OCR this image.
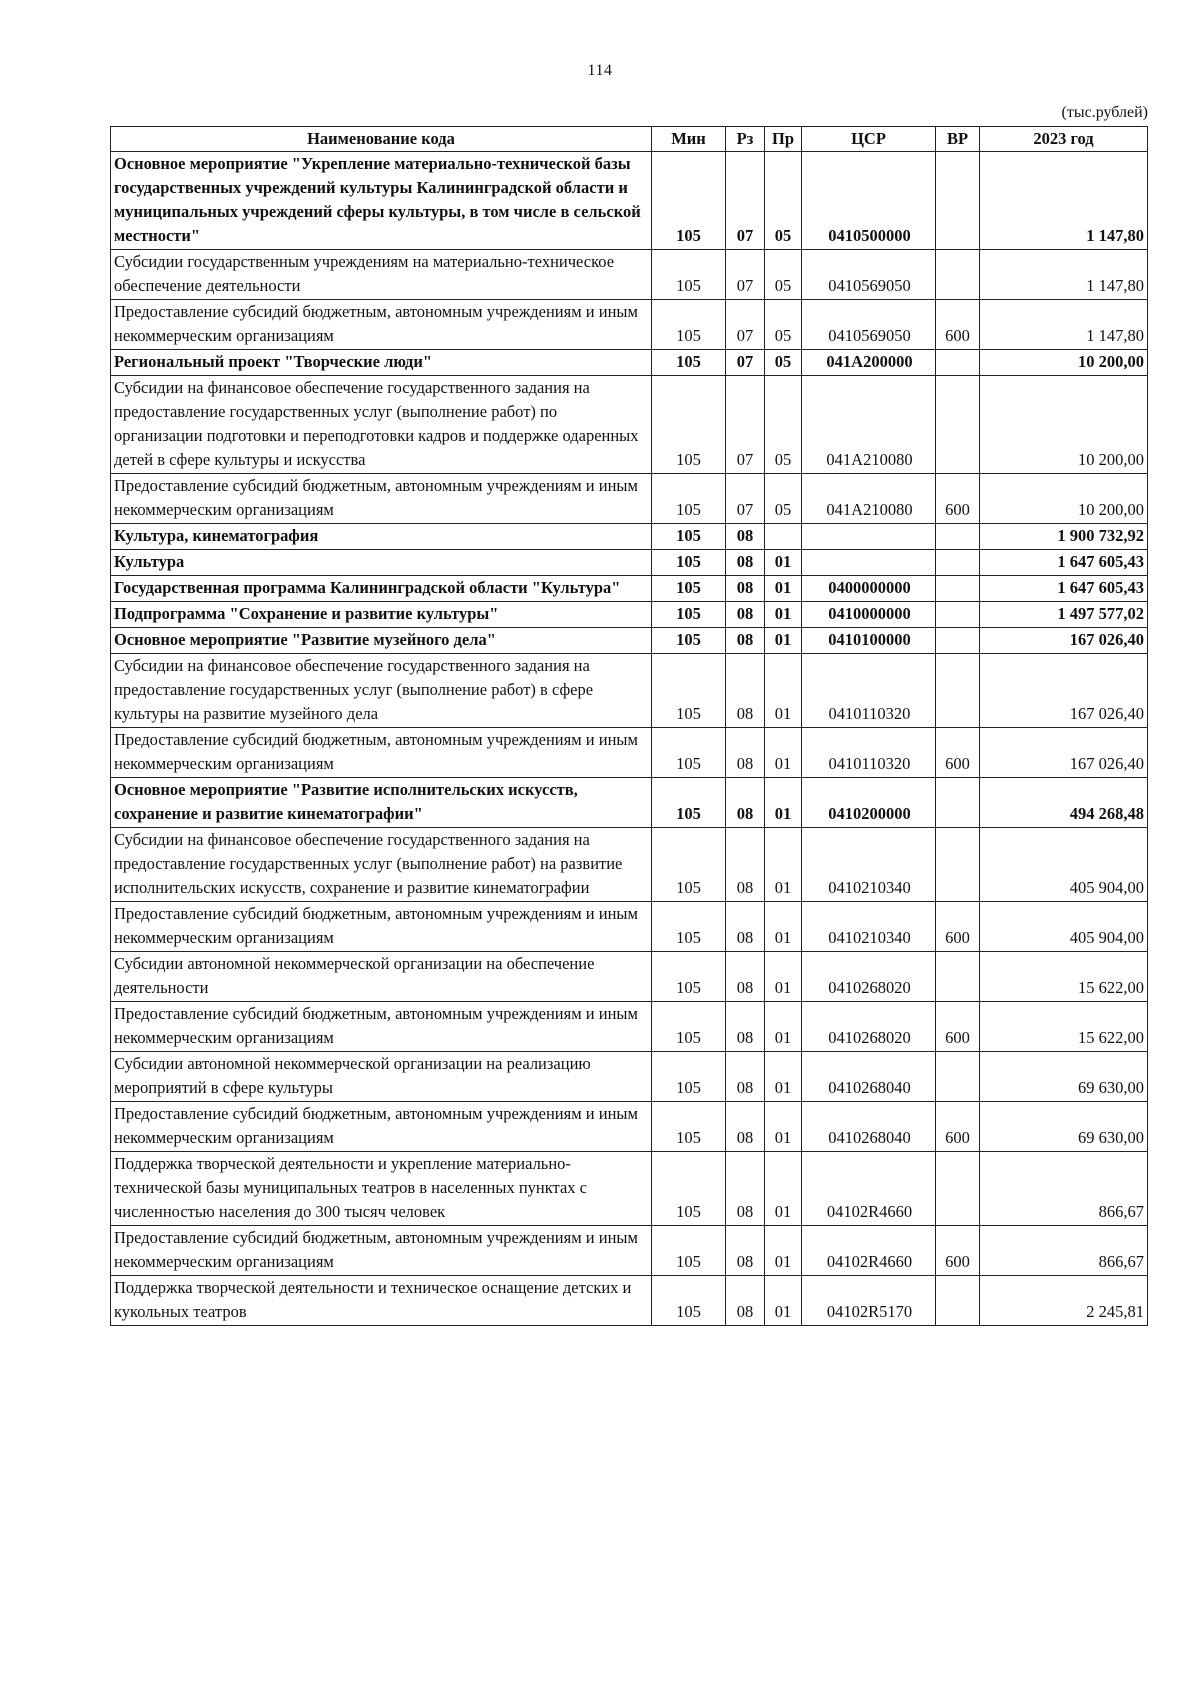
114
(тыс.рублей)
Наименование кода	Мин	Рз	Пр	ЦСР	ВР	2023 год
Основное мероприятие "Укрепление материально-технической базы государственных учреждений культуры Калининградской области и муниципальных учреждений сферы культуры, в том числе в сельской местности"	105	07	05	0410500000		1 147,80
Субсидии государственным учреждениям на материально-техническое обеспечение деятельности	105	07	05	0410569050		1 147,80
Предоставление субсидий бюджетным, автономным учреждениям и иным некоммерческим организациям	105	07	05	0410569050	600	1 147,80
Региональный проект "Творческие люди"	105	07	05	041А200000		10 200,00
Субсидии на финансовое обеспечение государственного задания на предоставление государственных услуг (выполнение работ) по организации подготовки и переподготовки кадров и поддержке одаренных детей в сфере культуры и искусства	105	07	05	041А210080		10 200,00
Предоставление субсидий бюджетным, автономным учреждениям и иным некоммерческим организациям	105	07	05	041А210080	600	10 200,00
Культура, кинематография	105	08				1 900 732,92
Культура	105	08	01			1 647 605,43
Государственная программа Калининградской области "Культура"	105	08	01	0400000000		1 647 605,43
Подпрограмма "Сохранение и развитие культуры"	105	08	01	0410000000		1 497 577,02
Основное мероприятие "Развитие музейного дела"	105	08	01	0410100000		167 026,40
Субсидии на финансовое обеспечение государственного задания на предоставление государственных услуг (выполнение работ) в сфере культуры на развитие музейного дела	105	08	01	0410110320		167 026,40
Предоставление субсидий бюджетным, автономным учреждениям и иным некоммерческим организациям	105	08	01	0410110320	600	167 026,40
Основное мероприятие "Развитие исполнительских искусств, сохранение и развитие кинематографии"	105	08	01	0410200000		494 268,48
Субсидии на финансовое обеспечение государственного задания на предоставление государственных услуг (выполнение работ) на развитие исполнительских искусств, сохранение и развитие кинематографии	105	08	01	0410210340		405 904,00
Предоставление субсидий бюджетным, автономным учреждениям и иным некоммерческим организациям	105	08	01	0410210340	600	405 904,00
Субсидии автономной некоммерческой организации на обеспечение деятельности	105	08	01	0410268020		15 622,00
Предоставление субсидий бюджетным, автономным учреждениям и иным некоммерческим организациям	105	08	01	0410268020	600	15 622,00
Субсидии автономной некоммерческой организации на реализацию мероприятий в сфере культуры	105	08	01	0410268040		69 630,00
Предоставление субсидий бюджетным, автономным учреждениям и иным некоммерческим организациям	105	08	01	0410268040	600	69 630,00
Поддержка творческой деятельности и укрепление материально-технической базы муниципальных театров в населенных пунктах с численностью населения до 300 тысяч человек	105	08	01	04102R4660		866,67
Предоставление субсидий бюджетным, автономным учреждениям и иным некоммерческим организациям	105	08	01	04102R4660	600	866,67
Поддержка творческой деятельности и техническое оснащение детских и кукольных театров	105	08	01	04102R5170		2 245,81
